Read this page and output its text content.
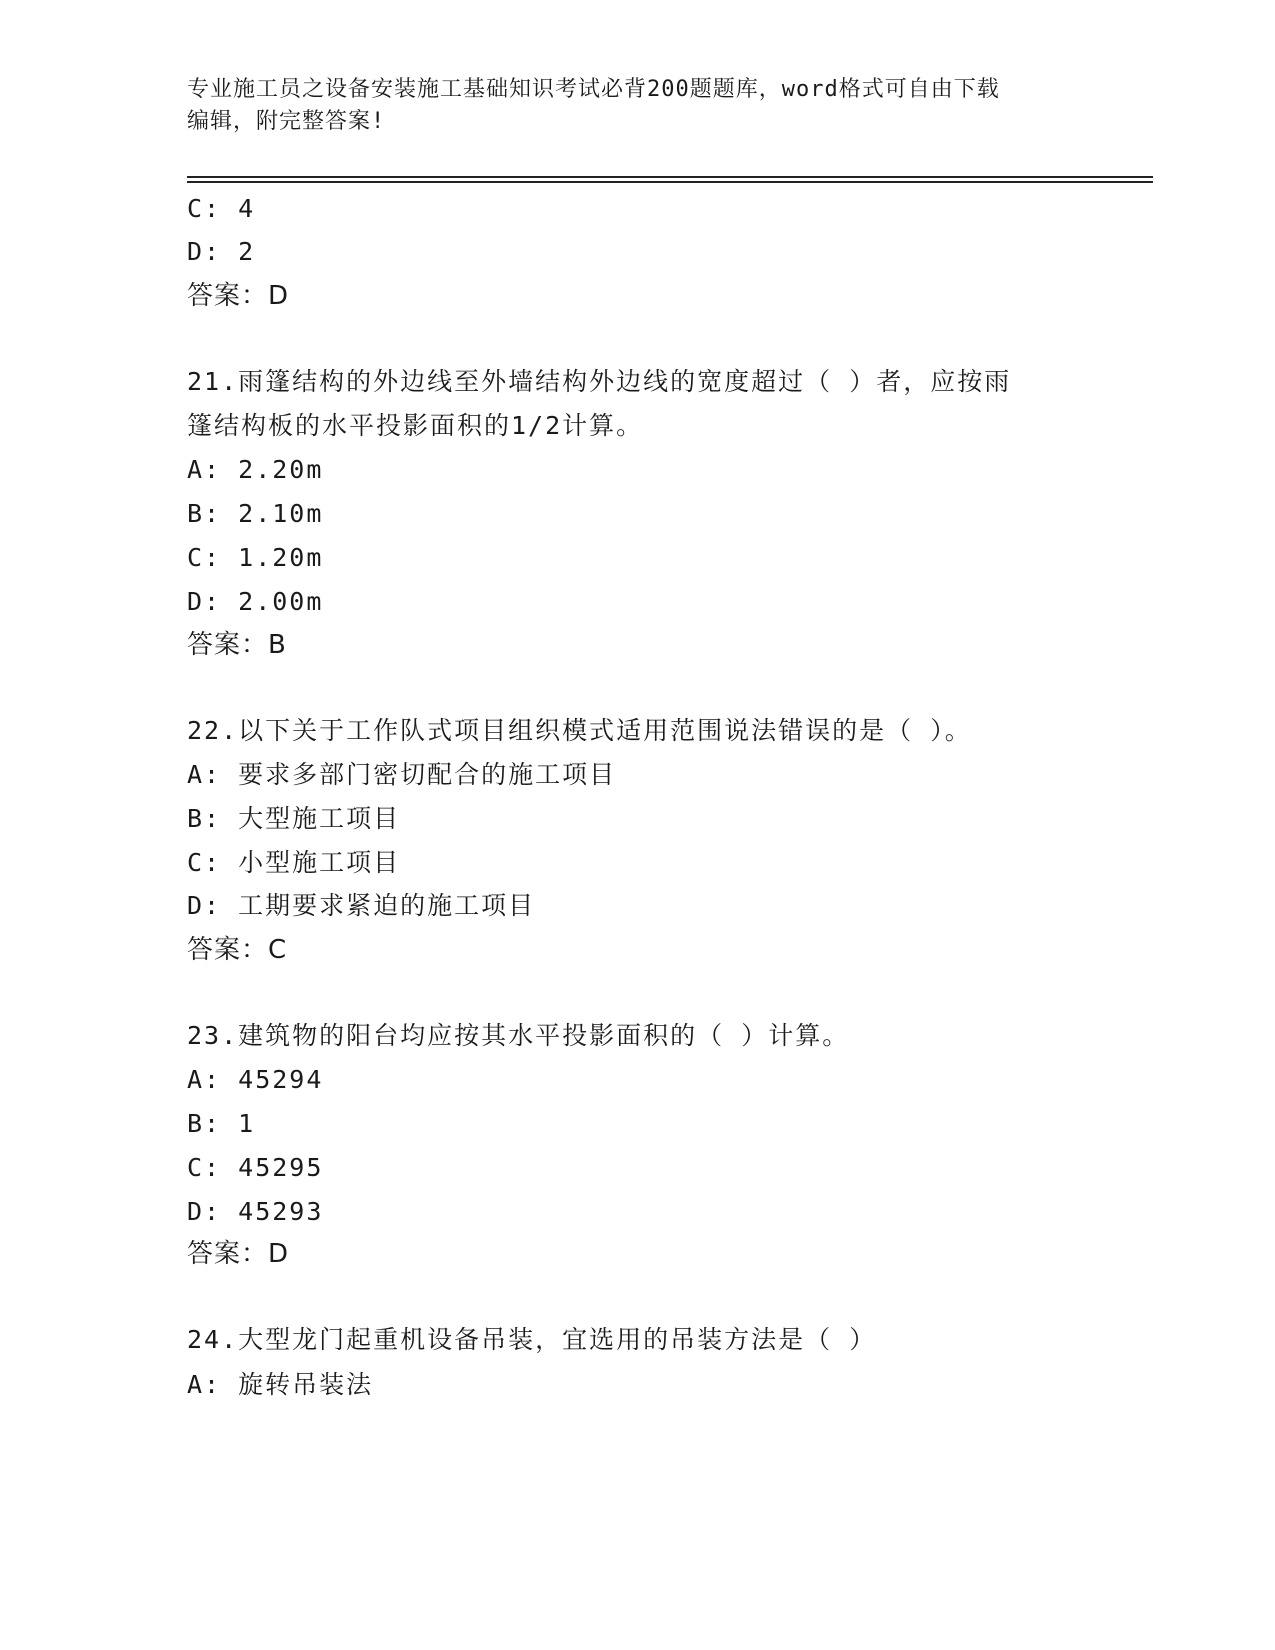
专业施工员之设备安装施工基础知识考试必背200题题库，word格式可自由下载
编辑，附完整答案!
C: 4
D: 2
答案：D
21.雨篷结构的外边线至外墙结构外边线的宽度超过（ ）者，应按雨
篷结构板的水平投影面积的1/2计算。
A: 2.20m
B: 2.10m
C: 1.20m
D: 2.00m
答案：B
22.以下关于工作队式项目组织模式适用范围说法错误的是（ ）。
A: 要求多部门密切配合的施工项目
B: 大型施工项目
C: 小型施工项目
D: 工期要求紧迫的施工项目
答案：C
23.建筑物的阳台均应按其水平投影面积的（ ）计算。
A: 45294
B: 1
C: 45295
D: 45293
答案：D
24.大型龙门起重机设备吊装，宜选用的吊装方法是（ ）
A: 旋转吊装法
